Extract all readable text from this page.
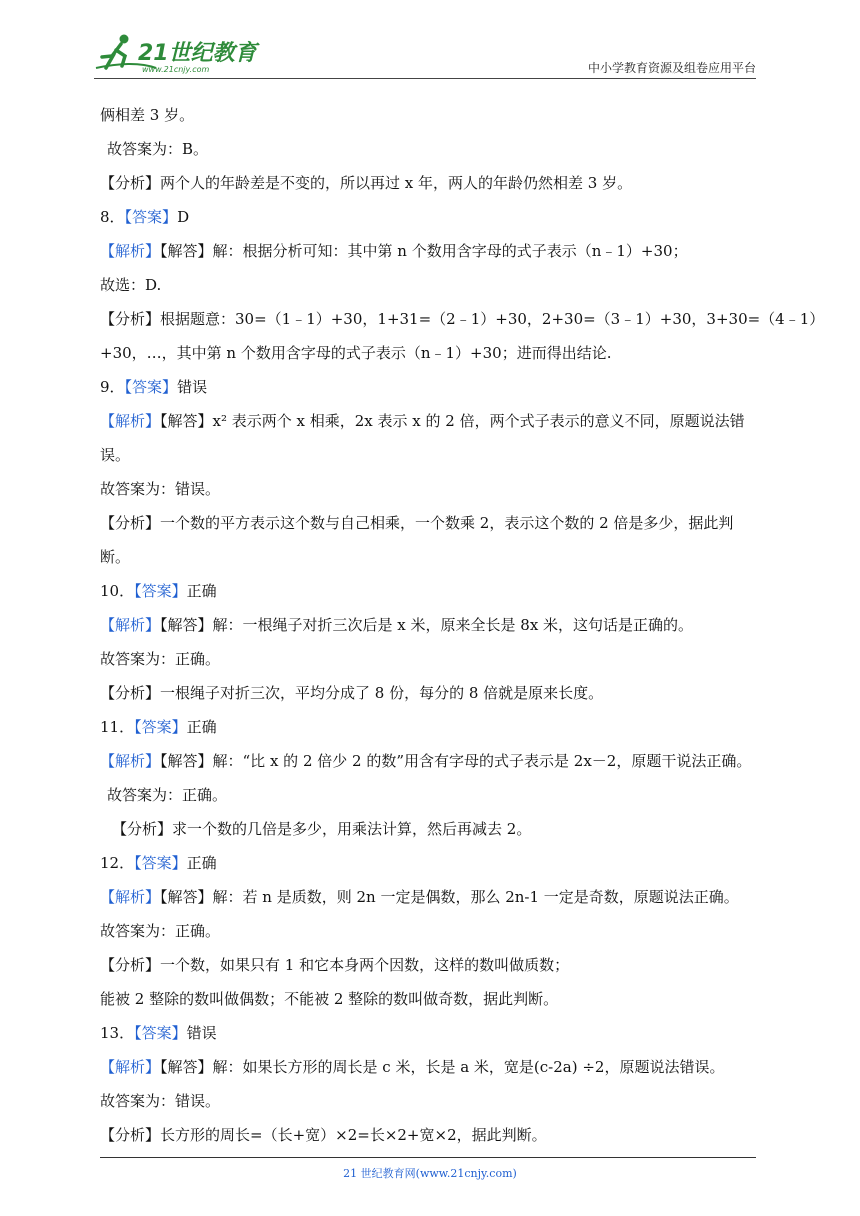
21世纪教育
www.21cnjy.com	中小学教育资源及组卷应用平台
俩相差 3 岁。
故答案为：B。
【分析】两个人的年龄差是不变的，所以再过 x 年，两人的年龄仍然相差 3 岁。
8．【答案】D
【解析】【解答】解：根据分析可知：其中第 n 个数用含字母的式子表示（n﹣1）+30；
故选：D.
【分析】根据题意：30=（1﹣1）+30，1+31=（2﹣1）+30，2+30=（3﹣1）+30，3+30=（4﹣1）
+30，…，其中第 n 个数用含字母的式子表示（n﹣1）+30；进而得出结论.
9．【答案】错误
【解析】【解答】x² 表示两个 x 相乘，2x 表示 x 的 2 倍，两个式子表示的意义不同，原题说法错
误。
故答案为：错误。
【分析】一个数的平方表示这个数与自己相乘，一个数乘 2，表示这个数的 2 倍是多少，据此判
断。
10．【答案】正确
【解析】【解答】解：一根绳子对折三次后是 x 米，原来全长是 8x 米，这句话是正确的。
故答案为：正确。
【分析】一根绳子对折三次，平均分成了 8 份，每分的 8 倍就是原来长度。
11．【答案】正确
【解析】【解答】解：“比 x 的 2 倍少 2 的数”用含有字母的式子表示是 2x－2，原题干说法正确。
故答案为：正确。
【分析】求一个数的几倍是多少，用乘法计算，然后再减去 2。
12．【答案】正确
【解析】【解答】解：若 n 是质数，则 2n 一定是偶数，那么 2n-1 一定是奇数，原题说法正确。
故答案为：正确。
【分析】一个数，如果只有 1 和它本身两个因数，这样的数叫做质数；
能被 2 整除的数叫做偶数；不能被 2 整除的数叫做奇数，据此判断。
13．【答案】错误
【解析】【解答】解：如果长方形的周长是 c 米，长是 a 米，宽是(c-2a) ÷2，原题说法错误。
故答案为：错误。
【分析】长方形的周长=（长+宽）×2=长×2+宽×2，据此判断。
21 世纪教育网(www.21cnjy.com)
